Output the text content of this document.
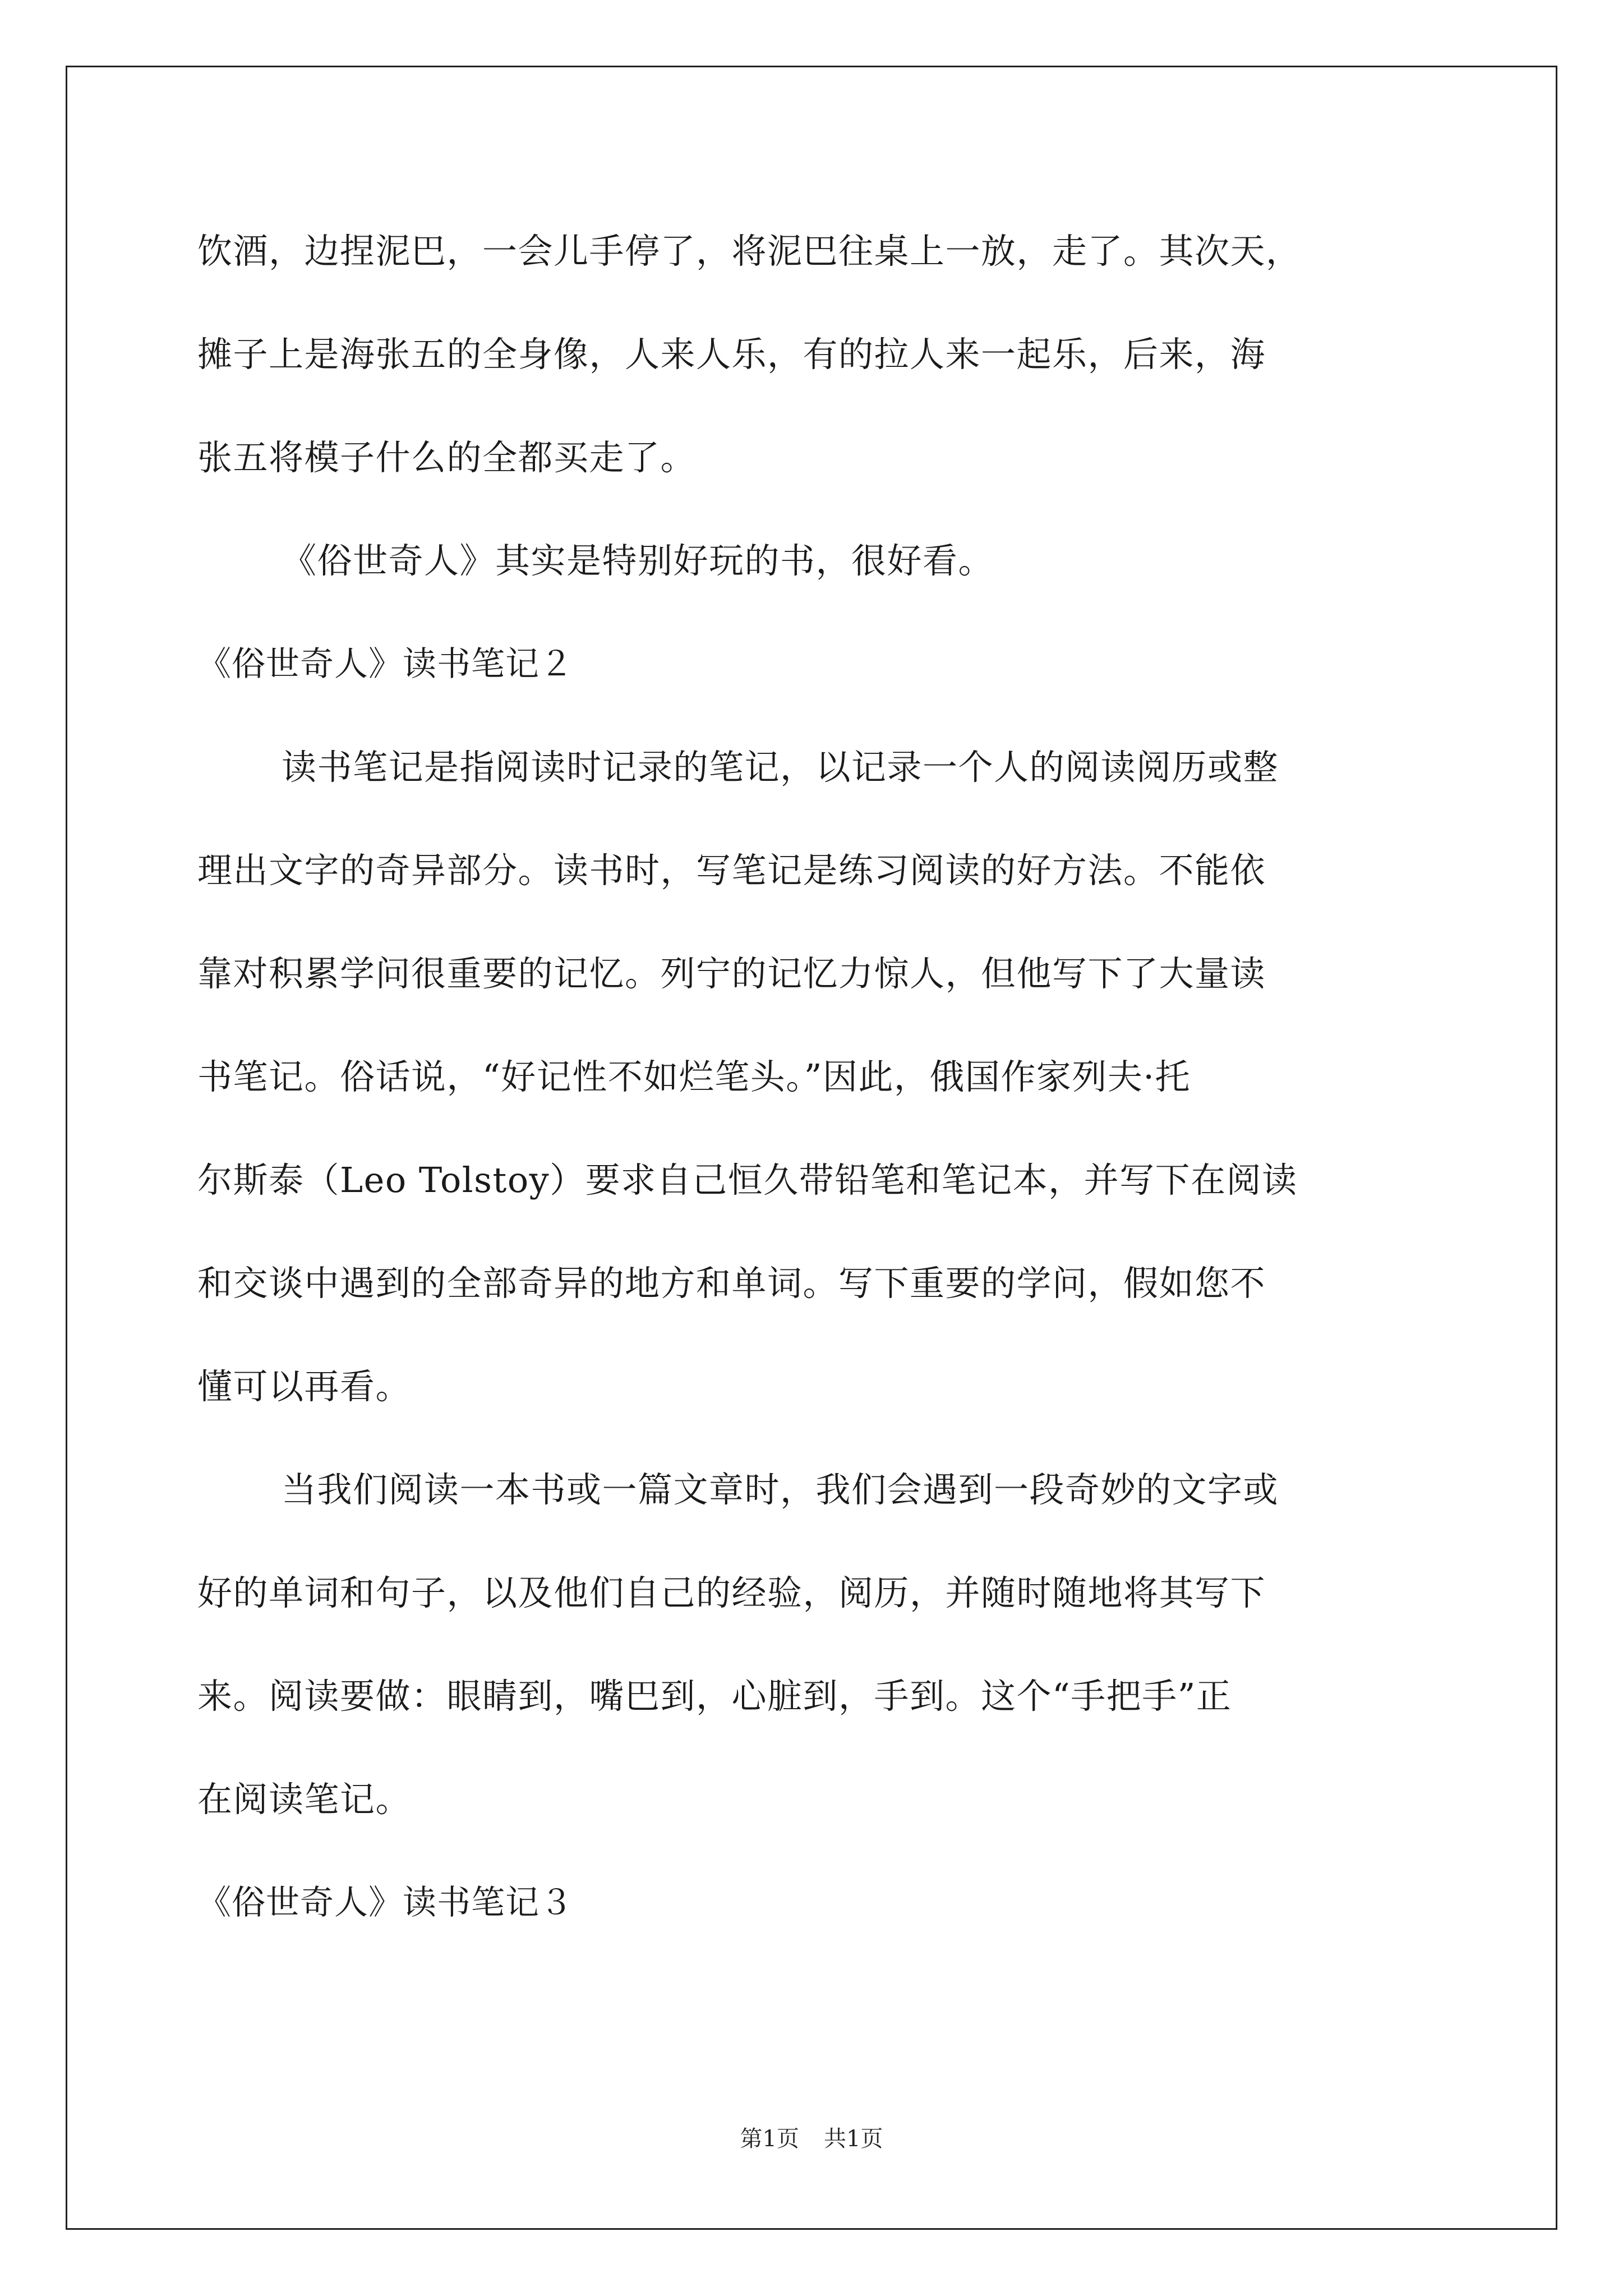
饮酒，边捏泥巴，一会儿手停了，将泥巴往桌上一放，走了。其次天，
摊子上是海张五的全身像，人来人乐，有的拉人来一起乐，后来，海
张五将模子什么的全都买走了。
《俗世奇人》其实是特别好玩的书，很好看。
《俗世奇人》读书笔记２
读书笔记是指阅读时记录的笔记，以记录一个人的阅读阅历或整
理出文字的奇异部分。读书时，写笔记是练习阅读的好方法。不能依
靠对积累学问很重要的记忆。列宁的记忆力惊人，但他写下了大量读
书笔记。俗话说，“好记性不如烂笔头。”因此，俄国作家列夫·托
尔斯泰（Leo Tolstoy）要求自己恒久带铅笔和笔记本，并写下在阅读
和交谈中遇到的全部奇异的地方和单词。写下重要的学问，假如您不
懂可以再看。
当我们阅读一本书或一篇文章时，我们会遇到一段奇妙的文字或
好的单词和句子，以及他们自己的经验，阅历，并随时随地将其写下
来。阅读要做：眼睛到，嘴巴到，心脏到，手到。这个“手把手”正
在阅读笔记。
《俗世奇人》读书笔记３
第1页 共1页
